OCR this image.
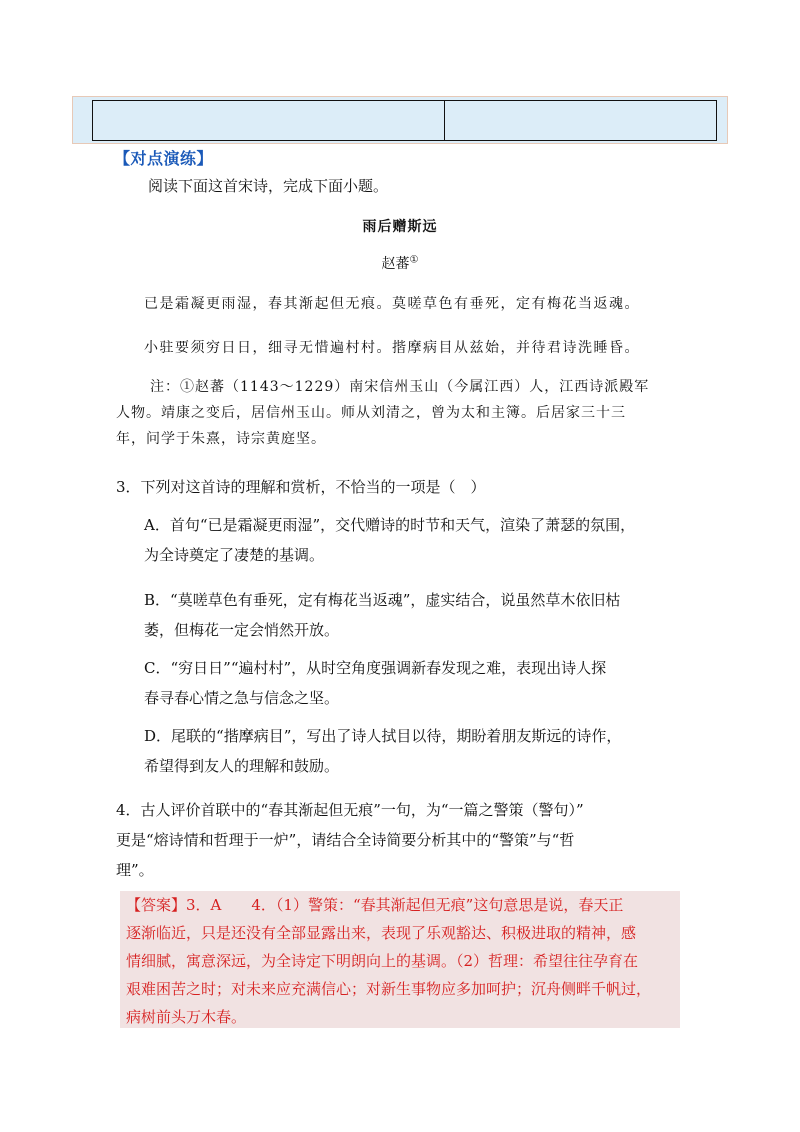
【对点演练】
阅读下面这首宋诗，完成下面小题。
雨后赠斯远
赵蕃①
已是霜凝更雨湿，春其渐起但无痕。莫嗟草色有垂死，定有梅花当返魂。
小驻要须穷日日，细寻无惜遍村村。揩摩病目从兹始，并待君诗洗睡昏。
注：①赵蕃（1143～1229）南宋信州玉山（今属江西）人，江西诗派殿军
人物。靖康之变后，居信州玉山。师从刘清之，曾为太和主簿。后居家三十三
年，问学于朱熹，诗宗黄庭坚。
3．下列对这首诗的理解和赏析，不恰当的一项是（　）
A．首句“已是霜凝更雨湿”，交代赠诗的时节和天气，渲染了萧瑟的氛围，
为全诗奠定了凄楚的基调。
B．“莫嗟草色有垂死，定有梅花当返魂”，虚实结合，说虽然草木依旧枯
萎，但梅花一定会悄然开放。
C．“穷日日”“遍村村”，从时空角度强调新春发现之难，表现出诗人探
春寻春心情之急与信念之坚。
D．尾联的“揩摩病目”，写出了诗人拭目以待，期盼着朋友斯远的诗作，
希望得到友人的理解和鼓励。
4．古人评价首联中的“春其渐起但无痕”一句，为“一篇之警策（警句）”
更是“熔诗情和哲理于一炉”，请结合全诗简要分析其中的“警策”与“哲
理”。
【答案】3．A　　4．（1）警策：“春其渐起但无痕”这句意思是说，春天正
逐渐临近，只是还没有全部显露出来，表现了乐观豁达、积极进取的精神，感
情细腻，寓意深远，为全诗定下明朗向上的基调。（2）哲理：希望往往孕育在
艰难困苦之时；对未来应充满信心；对新生事物应多加呵护；沉舟侧畔千帆过，
病树前头万木春。
